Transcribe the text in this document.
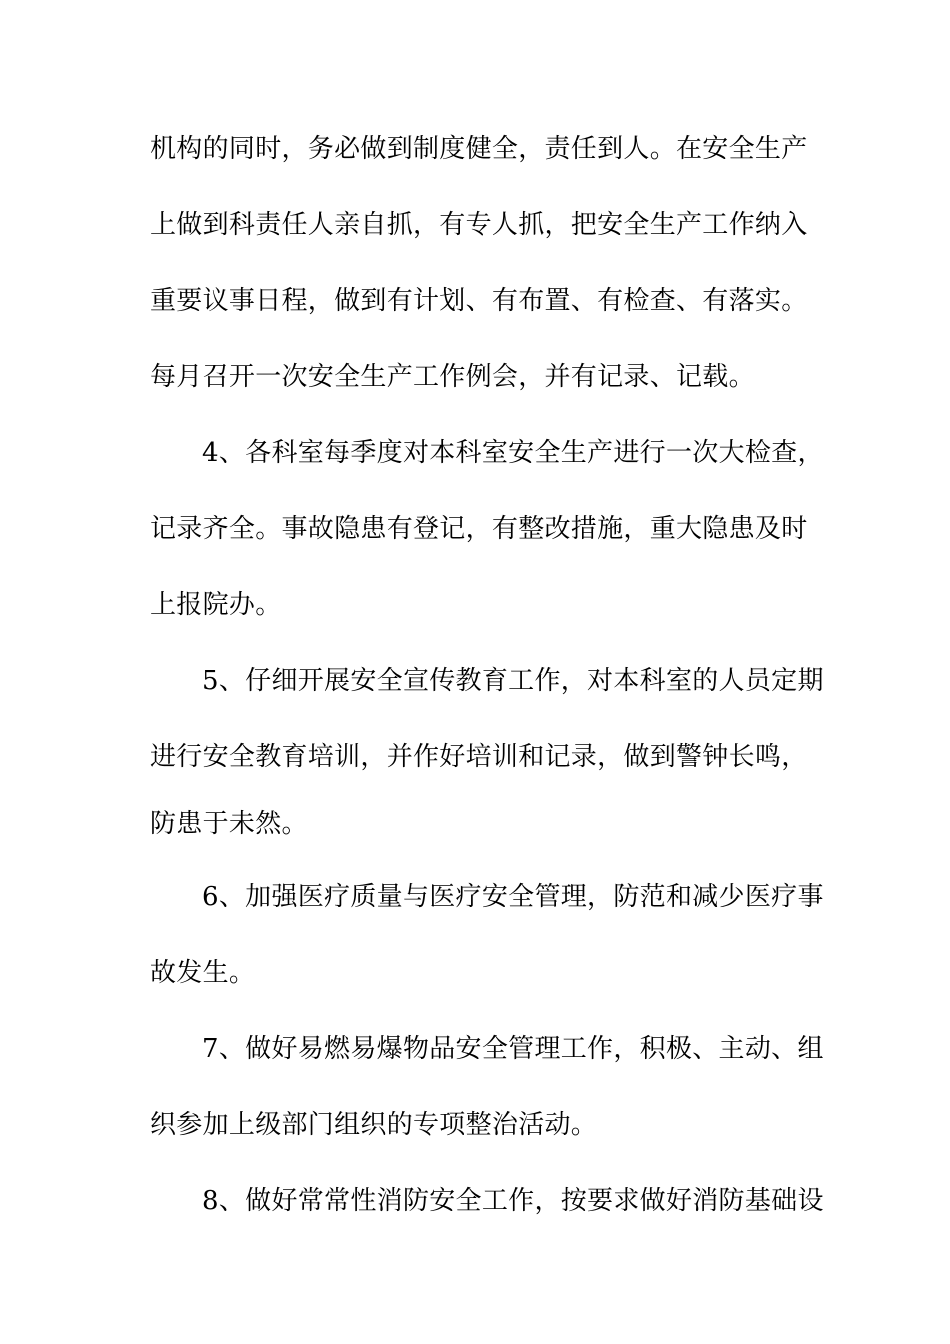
机构的同时，务必做到制度健全，责任到人。在安全生产
上做到科责任人亲自抓，有专人抓，把安全生产工作纳入
重要议事日程，做到有计划、有布置、有检查、有落实。
每月召开一次安全生产工作例会，并有记录、记载。
4、各科室每季度对本科室安全生产进行一次大检查，
记录齐全。事故隐患有登记，有整改措施，重大隐患及时
上报院办。
5、仔细开展安全宣传教育工作，对本科室的人员定期
进行安全教育培训，并作好培训和记录，做到警钟长鸣，
防患于未然。
6、加强医疗质量与医疗安全管理，防范和减少医疗事
故发生。
7、做好易燃易爆物品安全管理工作，积极、主动、组
织参加上级部门组织的专项整治活动。
8、做好常常性消防安全工作，按要求做好消防基础设
